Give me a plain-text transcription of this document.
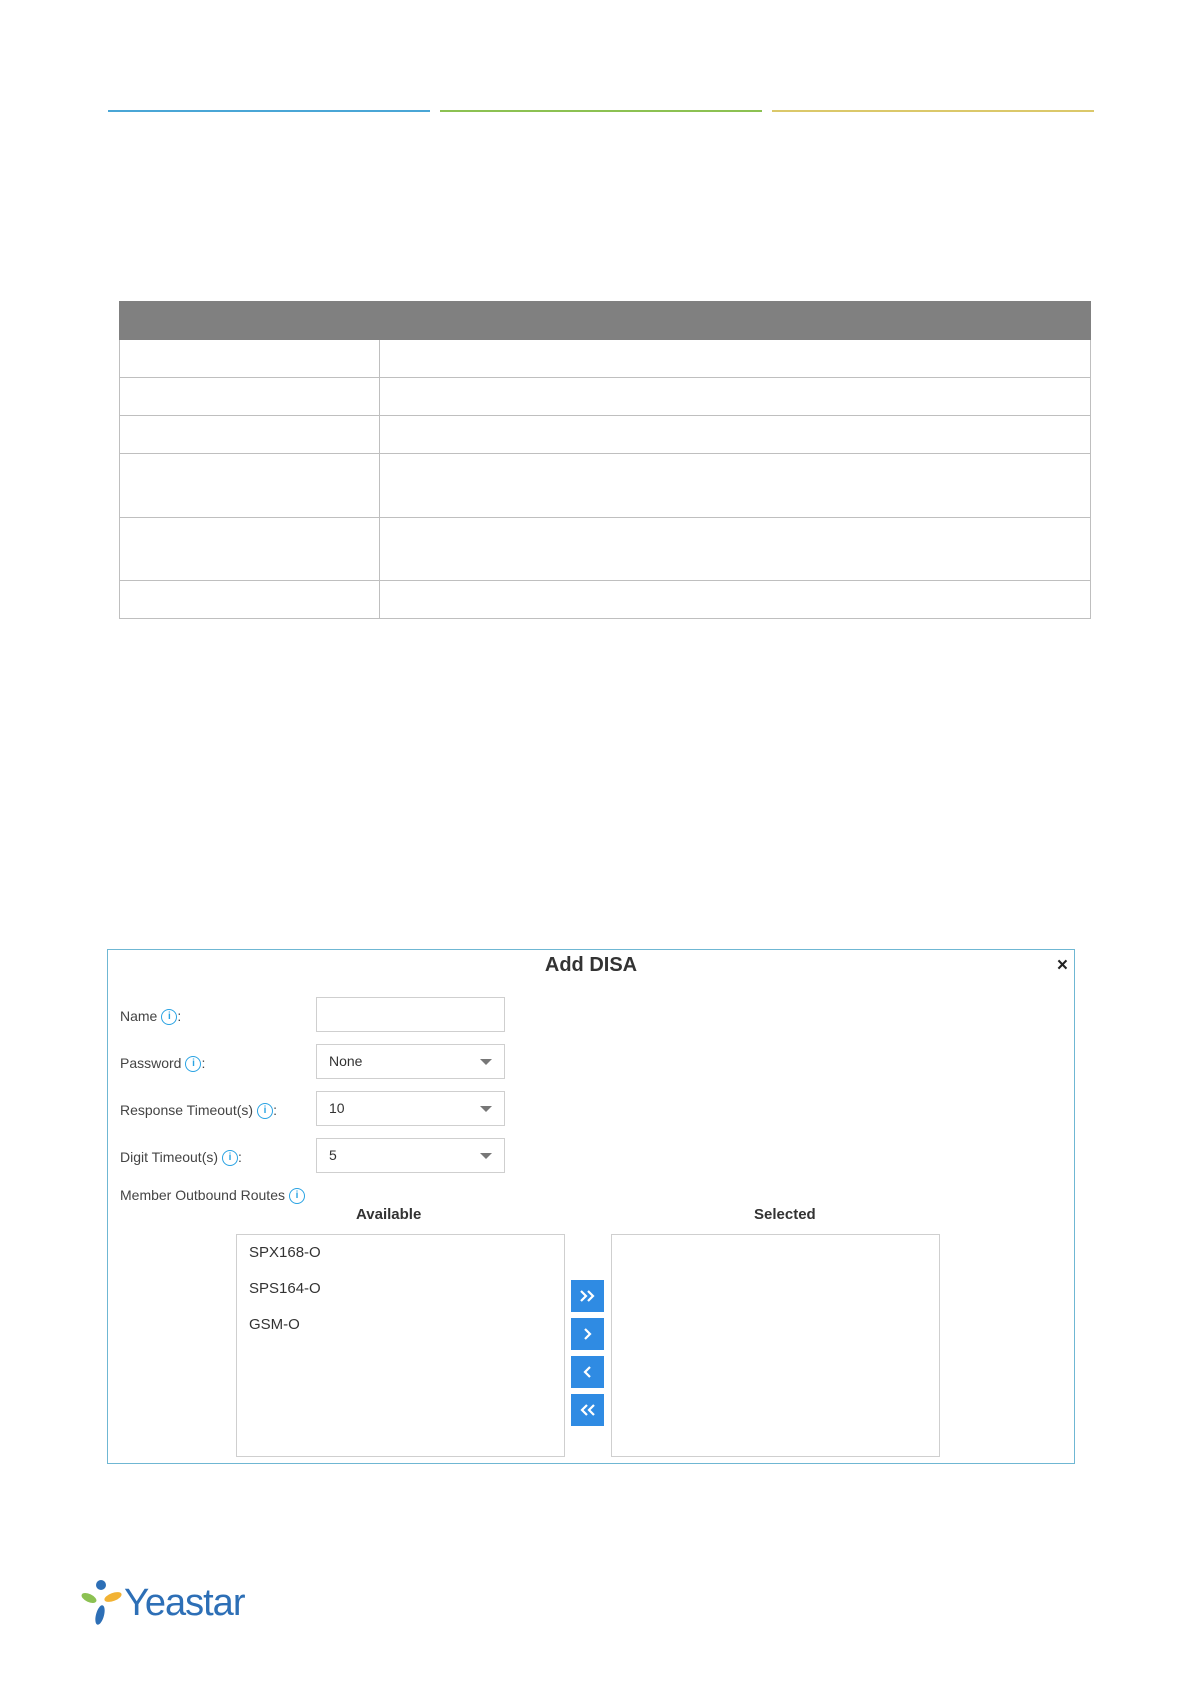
Add DISA	×
Name i :
Password i :	None
Response Timeout(s) i :	10
Digit Timeout(s) i :	5
Member Outbound Routes i
Available	Selected
SPX168-O
SPS164-O
GSM-O
Yeastar
